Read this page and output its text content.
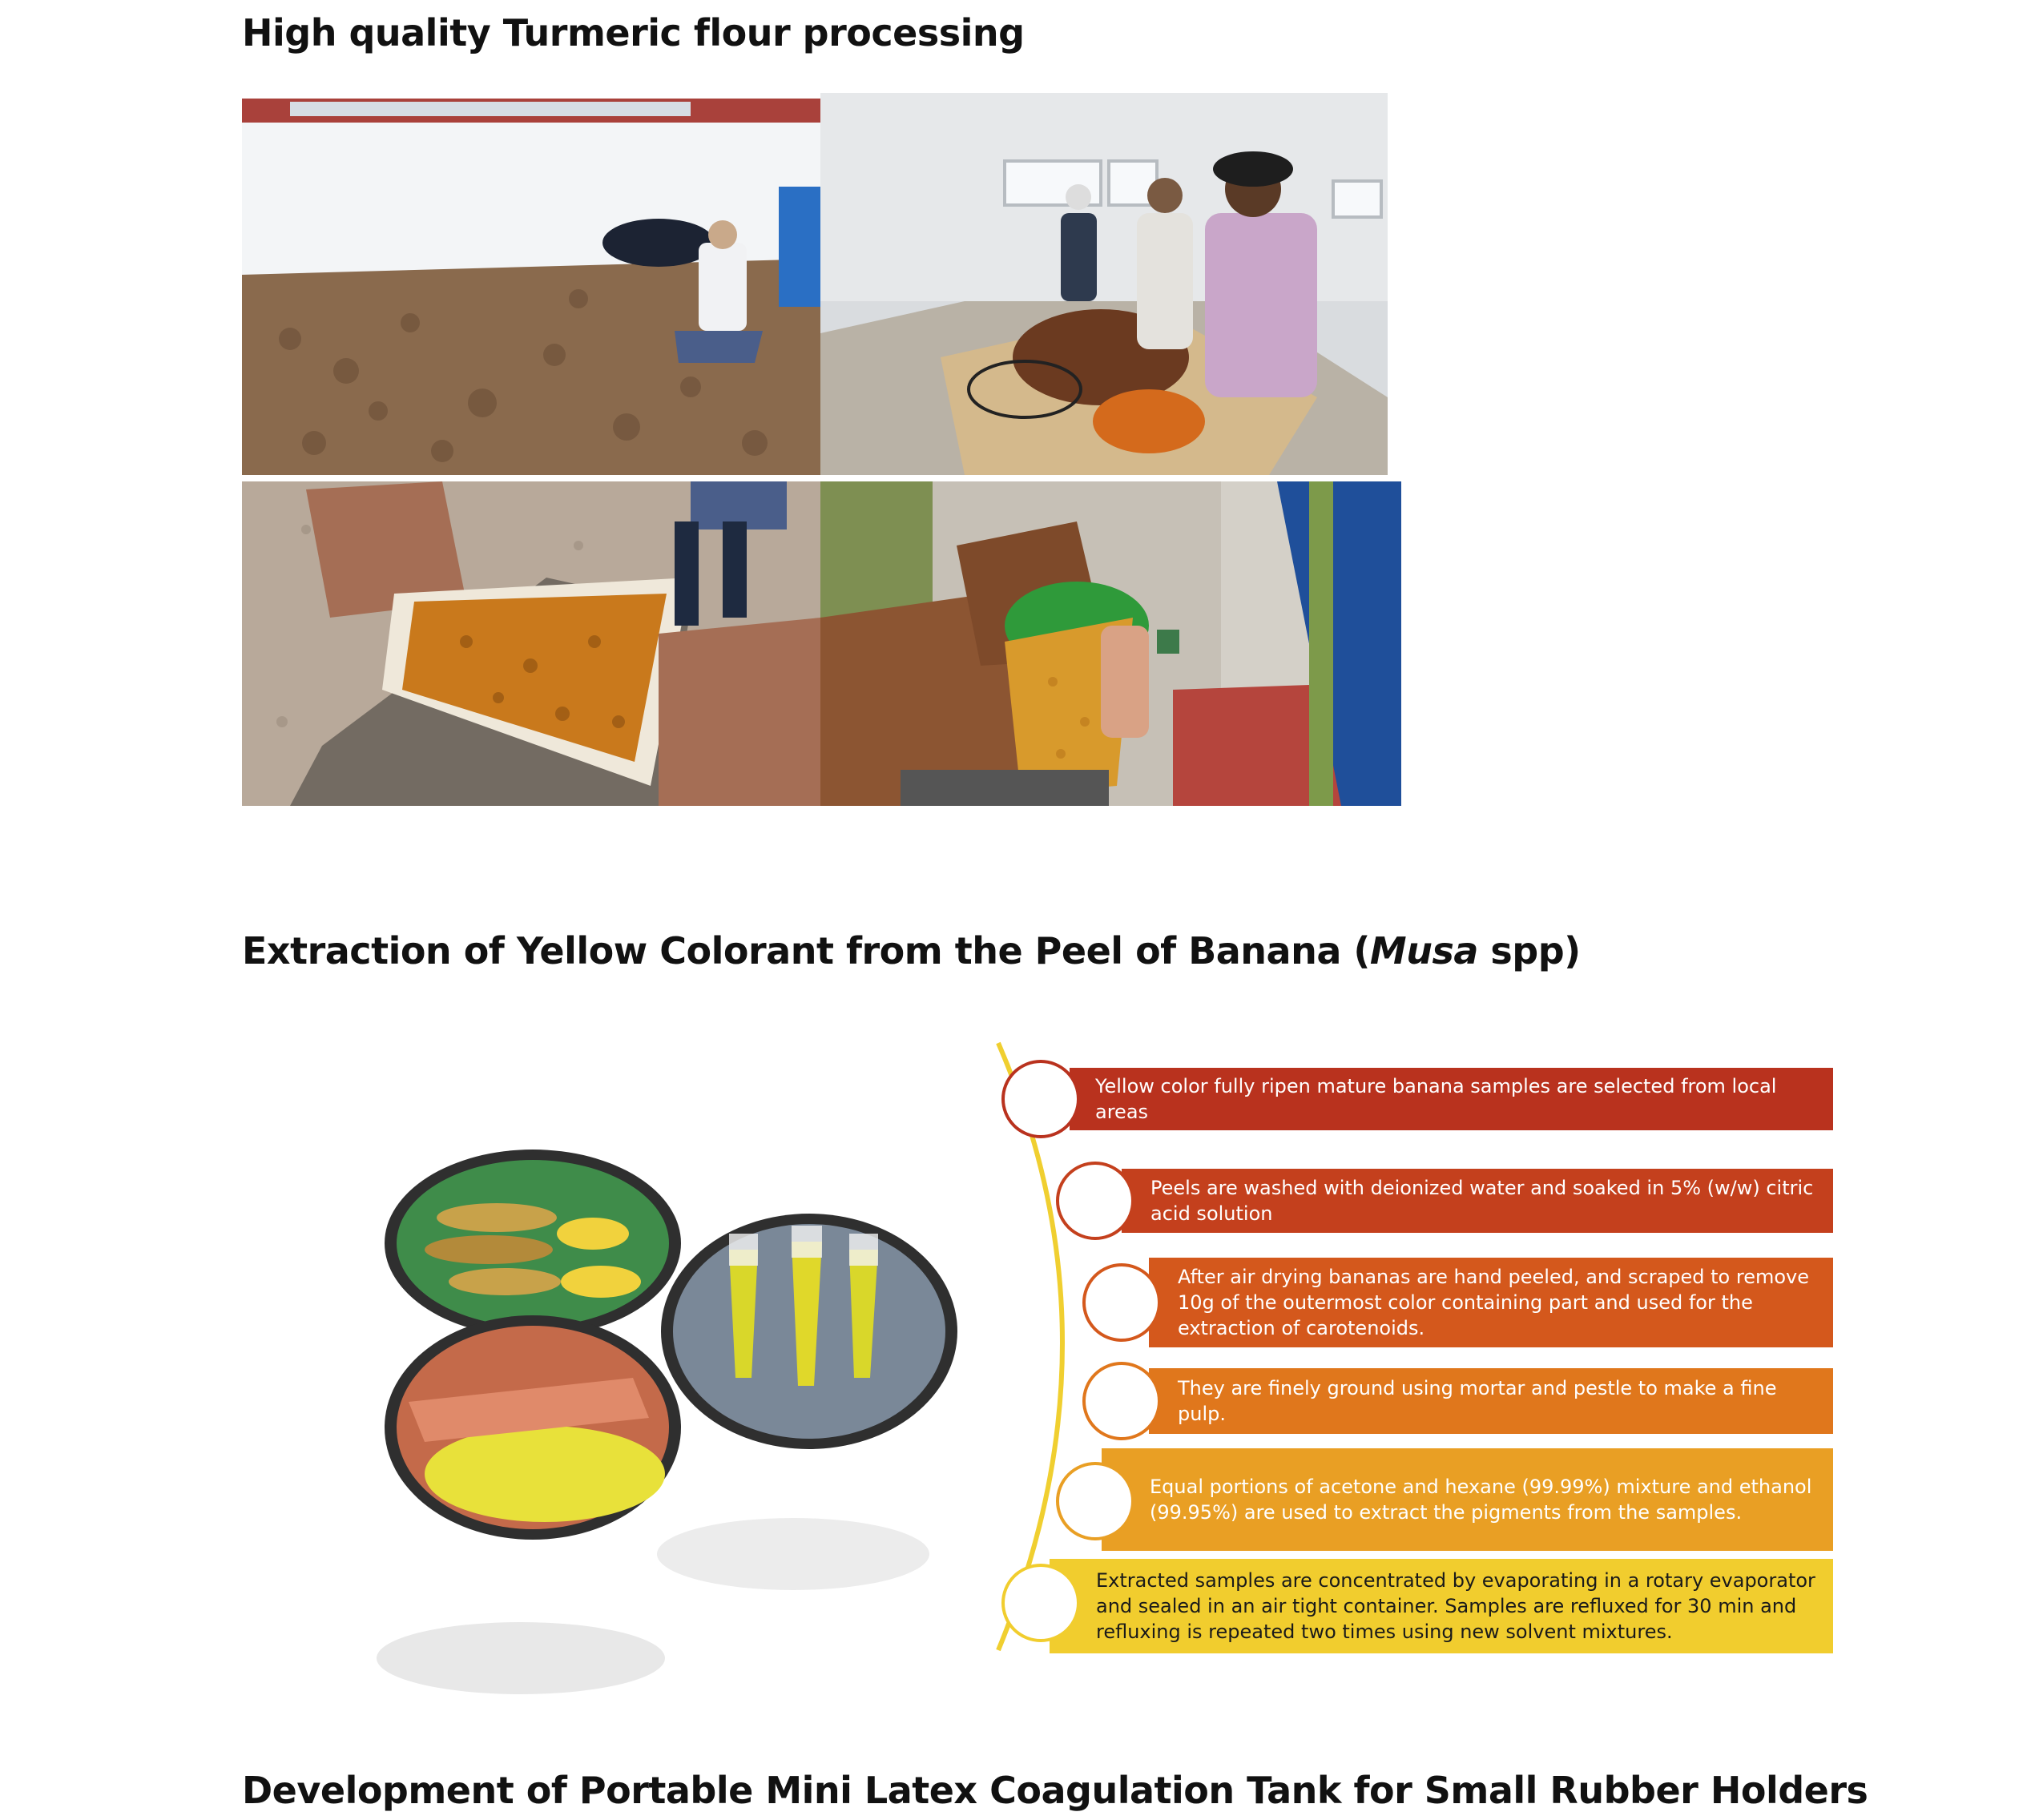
High quality Turmeric flour processing
Extraction of Yellow Colorant from the Peel of Banana (Musa spp)
Yellow color fully ripen mature banana samples are selected from local areas
Peels are washed with deionized water and soaked in 5% (w/w) citric acid solution
After air drying bananas are hand peeled, and scraped to remove 10g of the outermost color containing part and used for the extraction of carotenoids.
They are finely ground using mortar and pestle to make a fine pulp.
Equal portions of acetone and hexane (99.99%) mixture and ethanol (99.95%) are used to extract the pigments from the samples.
Extracted samples are concentrated by evaporating in a rotary evaporator and sealed in an air tight container. Samples are refluxed for 30 min and refluxing is repeated two times using new solvent mixtures.
Development of Portable Mini Latex Coagulation Tank for Small Rubber Holders
